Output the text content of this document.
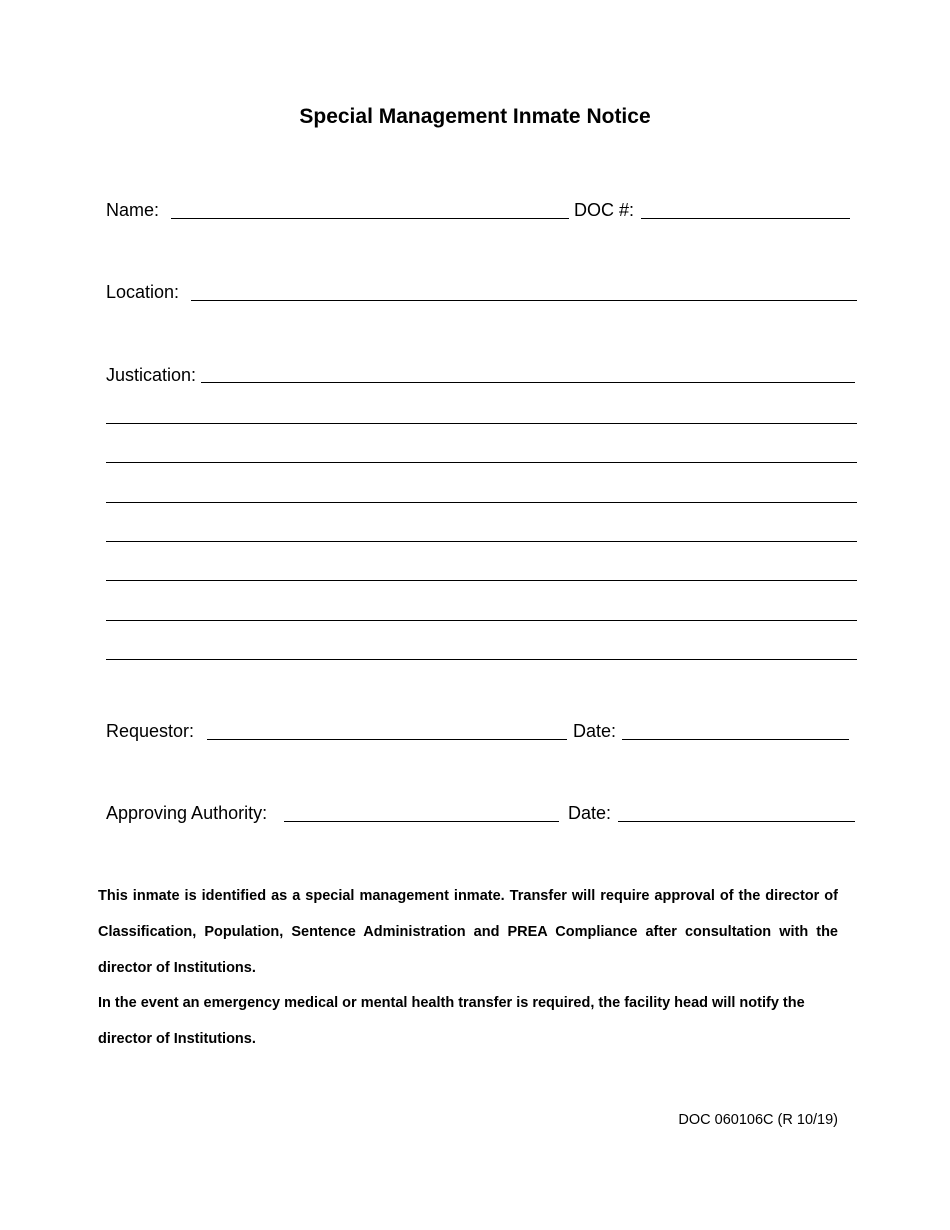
Special Management Inmate Notice
Name:	DOC #:
Location:
Justication:
Requestor:	Date:
Approving Authority:	Date:

This inmate is identified as a special management inmate. Transfer will require approval of the director of Classification, Population, Sentence Administration and PREA Compliance after consultation with the director of Institutions.

In the event an emergency medical or mental health transfer is required, the facility head will notify the director of Institutions.

DOC 060106C (R 10/19)
